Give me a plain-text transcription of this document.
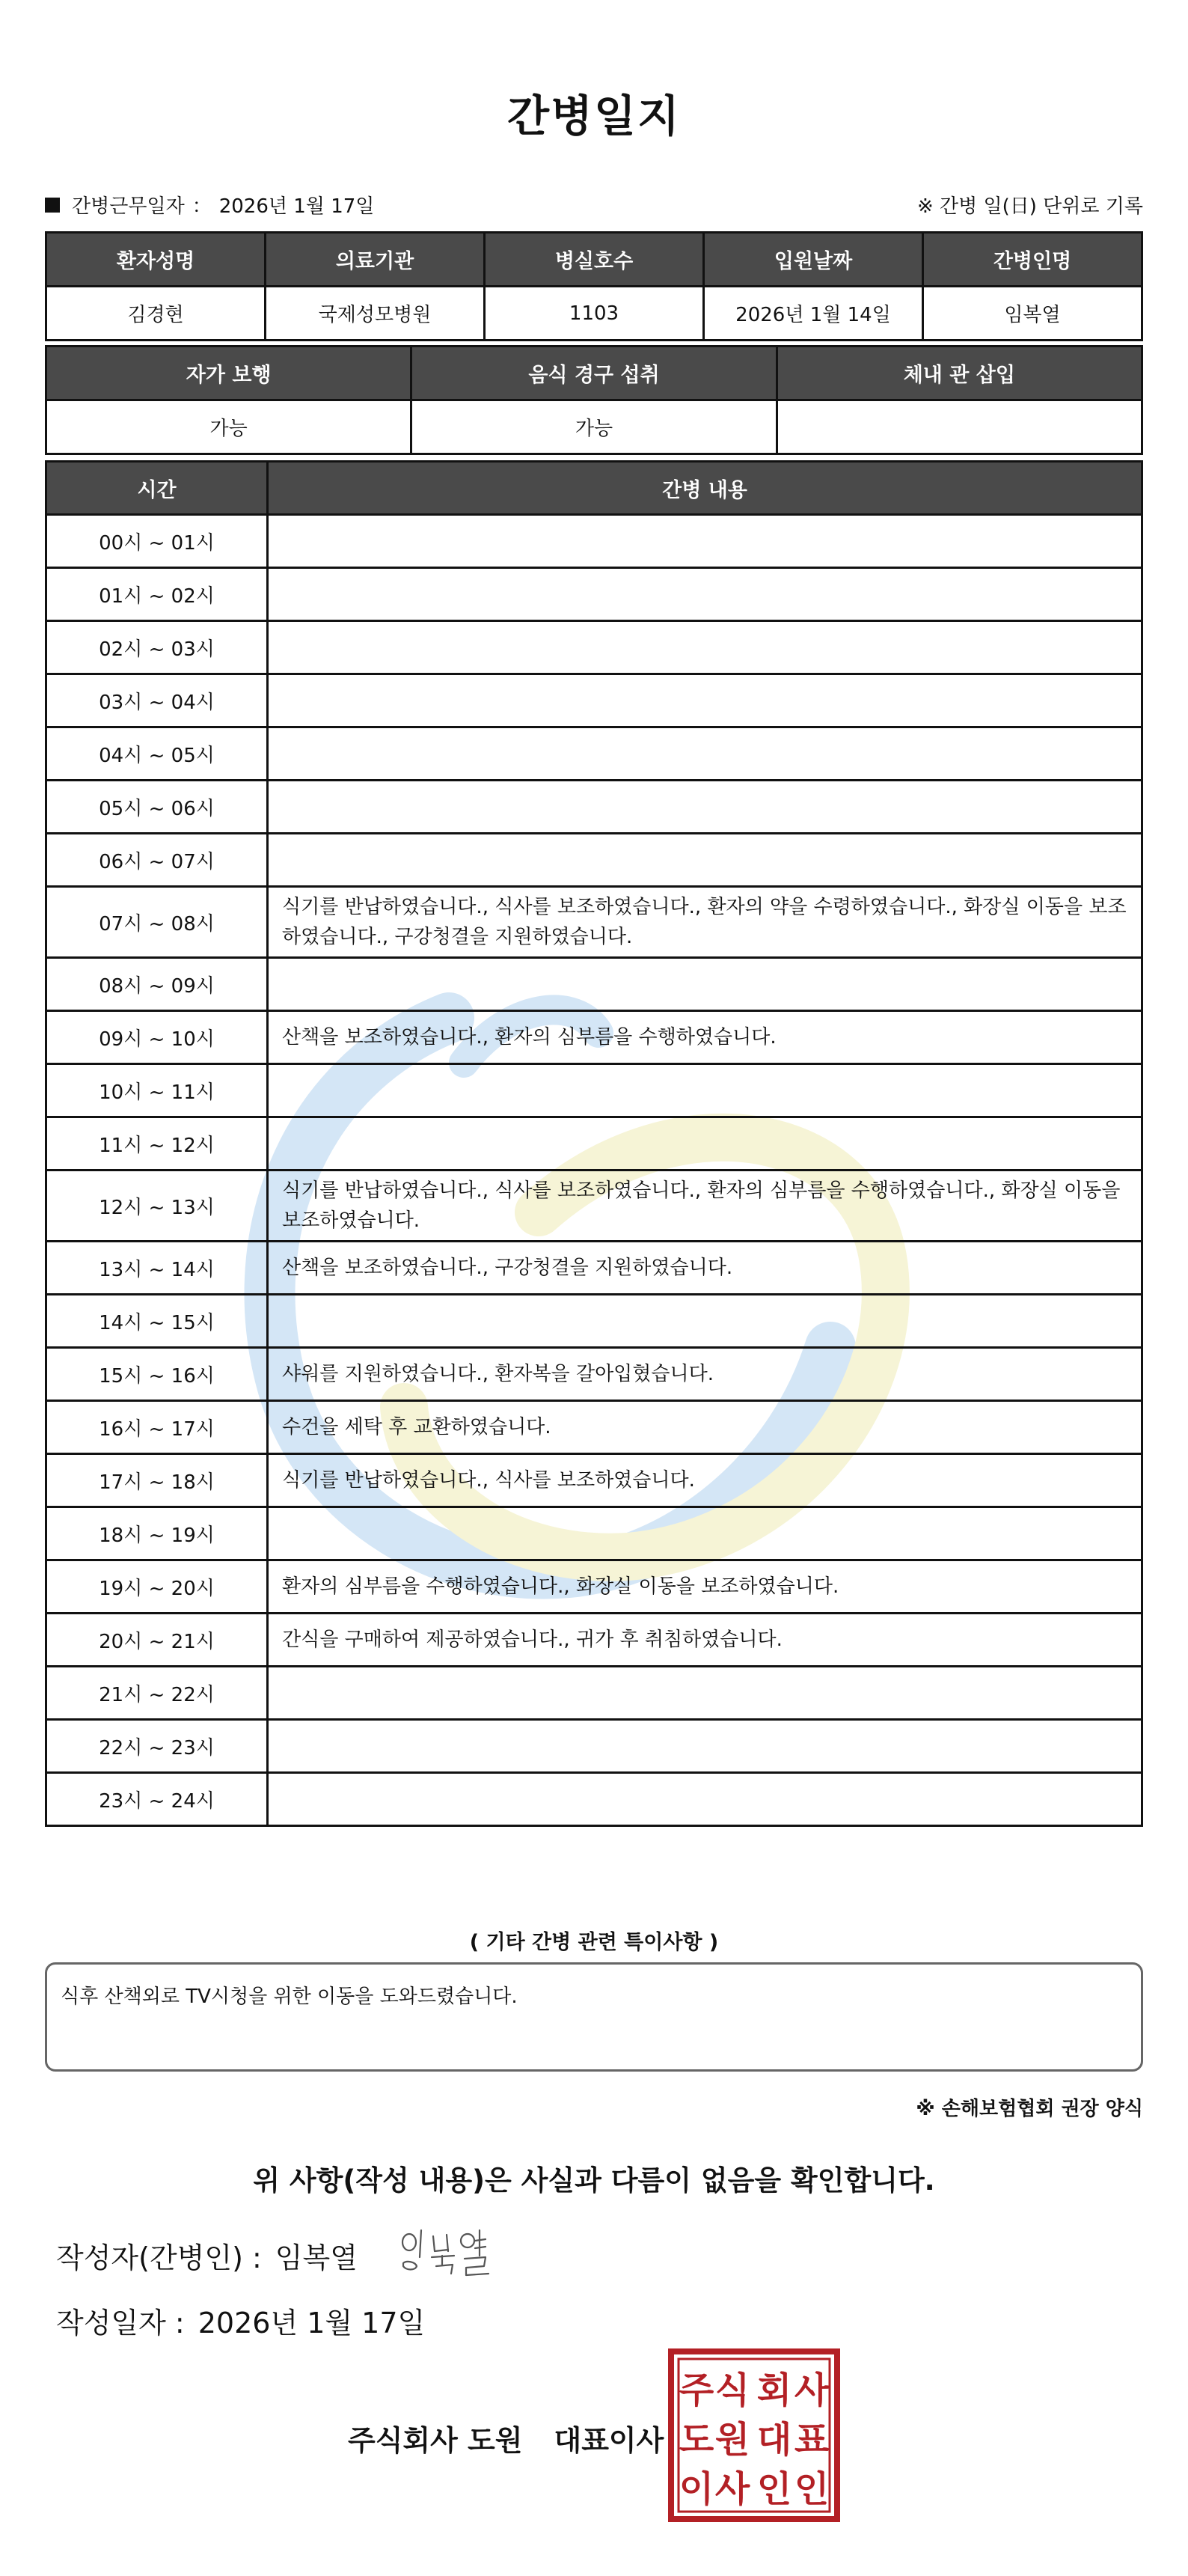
간병일지
간병근무일자 ： 2026년 1월 17일	※ 간병 일(日) 단위로 기록
환자성명	의료기관	병실호수	입원날짜	간병인명
김경현	국제성모병원	1103	2026년 1월 14일	임복열
자가 보행	음식 경구 섭취	체내 관 삽입
가능	가능	
시간	간병 내용
00시 ~ 01시	
01시 ~ 02시	
02시 ~ 03시	
03시 ~ 04시	
04시 ~ 05시	
05시 ~ 06시	
06시 ~ 07시	
07시 ~ 08시	식기를 반납하였습니다., 식사를 보조하였습니다., 환자의 약을 수령하였습니다., 화장실 이동을 보조하였습니다., 구강청결을 지원하였습니다.
08시 ~ 09시	
09시 ~ 10시	산책을 보조하였습니다., 환자의 심부름을 수행하였습니다.
10시 ~ 11시	
11시 ~ 12시	
12시 ~ 13시	식기를 반납하였습니다., 식사를 보조하였습니다., 환자의 심부름을 수행하였습니다., 화장실 이동을 보조하였습니다.
13시 ~ 14시	산책을 보조하였습니다., 구강청결을 지원하였습니다.
14시 ~ 15시	
15시 ~ 16시	샤워를 지원하였습니다., 환자복을 갈아입혔습니다.
16시 ~ 17시	수건을 세탁 후 교환하였습니다.
17시 ~ 18시	식기를 반납하였습니다., 식사를 보조하였습니다.
18시 ~ 19시	
19시 ~ 20시	환자의 심부름을 수행하였습니다., 화장실 이동을 보조하였습니다.
20시 ~ 21시	간식을 구매하여 제공하였습니다., 귀가 후 취침하였습니다.
21시 ~ 22시	
22시 ~ 23시	
23시 ~ 24시	
( 기타 간병 관련 특이사항 )
식후 산책외로 TV시청을 위한 이동을 도와드렸습니다.
※ 손해보험협회 권장 양식
위 사항(작성 내용)은 사실과 다름이 없음을 확인합니다.
작성자(간병인) : 임복열
작성일자 : 2026년 1월 17일
주식회사 도원 대표이사
주 식 회 사
도 원 대 표
이 사 인 인
